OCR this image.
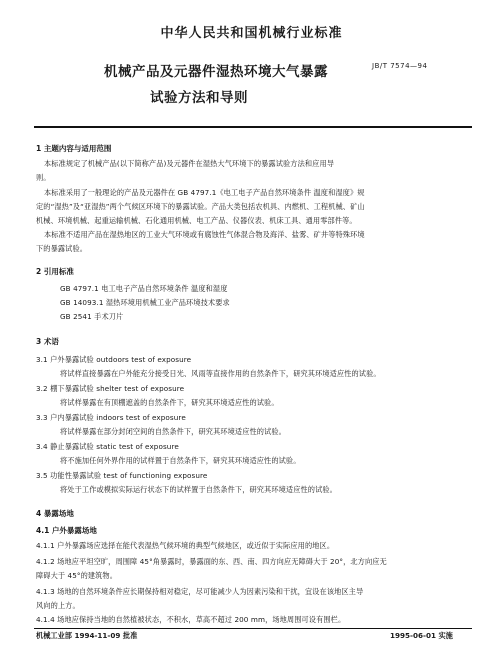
中华人民共和国机械行业标准
机械产品及元器件湿热环境大气暴露	JB/T 7574—94
试验方法和导则
1 主题内容与适用范围
本标准规定了机械产品(以下简称产品)及元器件在湿热大气环境下的暴露试验方法和应用导
则。
本标准采用了一般理论的产品及元器件在 GB 4797.1《电工电子产品自然环境条件 温度和湿度》规
定的“湿热”及“亚湿热”两个气候区环境下的暴露试验。产品大类包括农机具、内燃机、工程机械、矿山
机械、环境机械、起重运输机械、石化通用机械、电工产品、仪器仪表、机床工具、通用零部件等。
本标准不适用产品在湿热地区的工业大气环境或有腐蚀性气体混合物及海洋、盐雾、矿井等特殊环境
下的暴露试验。
2 引用标准
GB 4797.1 电工电子产品自然环境条件 温度和湿度
GB 14093.1 湿热环境用机械工业产品环境技术要求
GB 2541 手术刀片
3 术语
3.1 户外暴露试验 outdoors test of exposure
将试样直接暴露在户外能充分接受日光、风雨等直接作用的自然条件下，研究其环境适应性的试验。
3.2 棚下暴露试验 shelter test of exposure
将试样暴露在有顶棚遮盖的自然条件下，研究其环境适应性的试验。
3.3 户内暴露试验 indoors test of exposure
将试样暴露在部分封闭空间的自然条件下，研究其环境适应性的试验。
3.4 静止暴露试验 static test of exposure
将不施加任何外界作用的试样置于自然条件下，研究其环境适应性的试验。
3.5 功能性暴露试验 test of functioning exposure
将处于工作或模拟实际运行状态下的试样置于自然条件下，研究其环境适应性的试验。
4 暴露场地
4.1 户外暴露场地
4.1.1 户外暴露场应选择在能代表湿热气候环境的典型气候地区，或近似于实际应用的地区。
4.1.2 场地应平坦空旷，周围障 45°角暴露时，暴露面的东、西、南、四方向应无障碍大于 20°，北方向应无
障碍大于 45°的建筑物。
4.1.3 场地的自然环境条件应长期保持相对稳定，尽可能减少人为因素污染和干扰，宜设在该地区主导
风向的上方。
4.1.4 场地应保持当地的自然植被状态，不积水，草高不超过 200 mm，场地周围可设有围栏。
机械工业部 1994-11-09 批准	1995-06-01 实施
